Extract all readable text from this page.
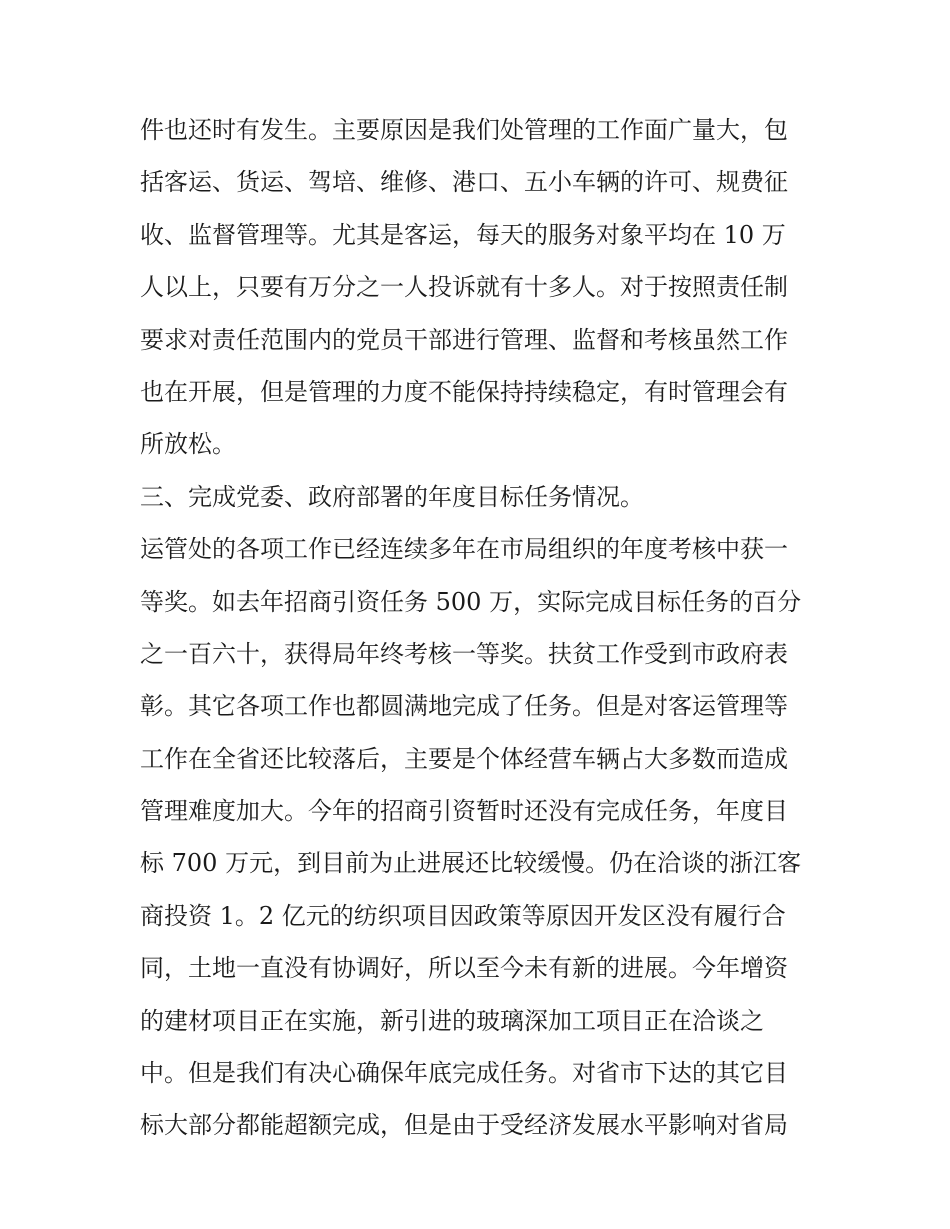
件也还时有发生。主要原因是我们处管理的工作面广量大，包
括客运、货运、驾培、维修、港口、五小车辆的许可、规费征
收、监督管理等。尤其是客运，每天的服务对象平均在 10 万
人以上，只要有万分之一人投诉就有十多人。对于按照责任制
要求对责任范围内的党员干部进行管理、监督和考核虽然工作
也在开展，但是管理的力度不能保持持续稳定，有时管理会有
所放松。
三、完成党委、政府部署的年度目标任务情况。
运管处的各项工作已经连续多年在市局组织的年度考核中获一
等奖。如去年招商引资任务 500 万，实际完成目标任务的百分
之一百六十，获得局年终考核一等奖。扶贫工作受到市政府表
彰。其它各项工作也都圆满地完成了任务。但是对客运管理等
工作在全省还比较落后，主要是个体经营车辆占大多数而造成
管理难度加大。今年的招商引资暂时还没有完成任务，年度目
标 700 万元，到目前为止进展还比较缓慢。仍在洽谈的浙江客
商投资 1。2 亿元的纺织项目因政策等原因开发区没有履行合
同，土地一直没有协调好，所以至今未有新的进展。今年增资
的建材项目正在实施，新引进的玻璃深加工项目正在洽谈之
中。但是我们有决心确保年底完成任务。对省市下达的其它目
标大部分都能超额完成，但是由于受经济发展水平影响对省局
